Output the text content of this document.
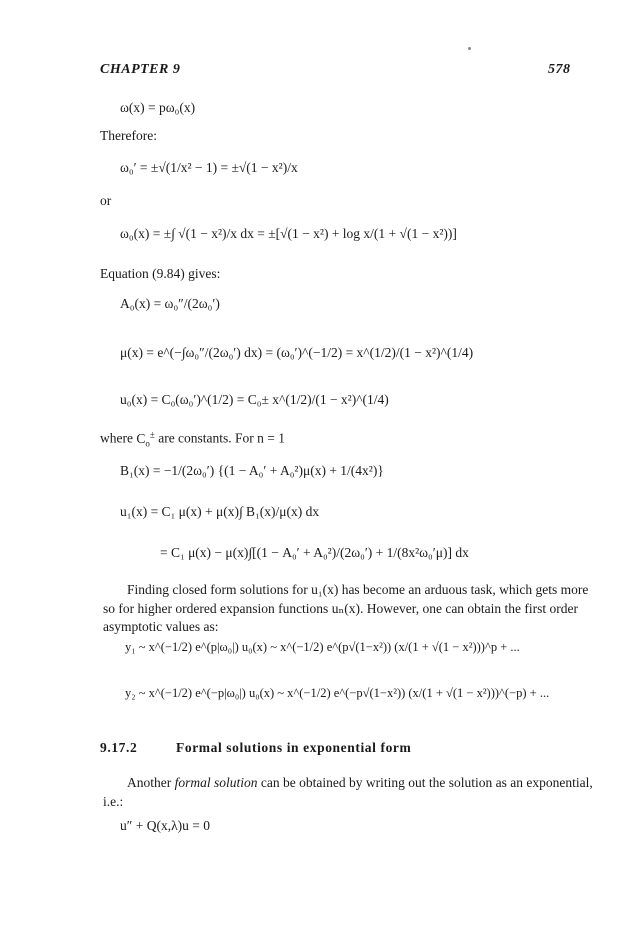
CHAPTER 9	578
ω(x) = pω₀(x)
Therefore:
ω₀′ = ±√(1/x² − 1) = ±√(1 − x²)/x
or
ω₀(x) = ±∫ √(1 − x²)/x dx = ±[√(1 − x²) + log x/(1 + √(1 − x²))]
Equation (9.84) gives:
A₀(x) = ω₀″/(2ω₀′)
μ(x) = e^(−∫ω₀″/(2ω₀′) dx) = (ω₀′)^(−1/2) = x^(1/2)/(1 − x²)^(1/4)
u₀(x) = C₀(ω₀′)^(1/2) = C₀± x^(1/2)/(1 − x²)^(1/4)
where $C_o^\pm$ are constants. For n = 1
B₁(x) = −1/(2ω₀′) {(1 − A₀′ + A₀²)μ(x) + 1/(4x²)}
u₁(x) = C₁ μ(x) + μ(x)∫ B₁(x)/μ(x) dx
= C₁ μ(x) − μ(x)∫[(1 − A₀′ + A₀²)/(2ω₀′) + 1/(8x²ω₀′μ)] dx
Finding closed form solutions for u₁(x) has become an arduous task, which gets more so for higher ordered expansion functions uₙ(x). However, one can obtain the first order asymptotic values as:
y₁ ~ x^(−1/2) e^(p|ω₀|) u₀(x) ~ x^(−1/2) e^(p√(1−x²)) (x/(1 + √(1 − x²)))^p + ...
y₂ ~ x^(−1/2) e^(−p|ω₀|) u₀(x) ~ x^(−1/2) e^(−p√(1−x²)) (x/(1 + √(1 − x²)))^(−p) + ...
9.17.2	Formal solutions in exponential form
Another formal solution can be obtained by writing out the solution as an exponential, i.e.:
u″ + Q(x,λ)u = 0
